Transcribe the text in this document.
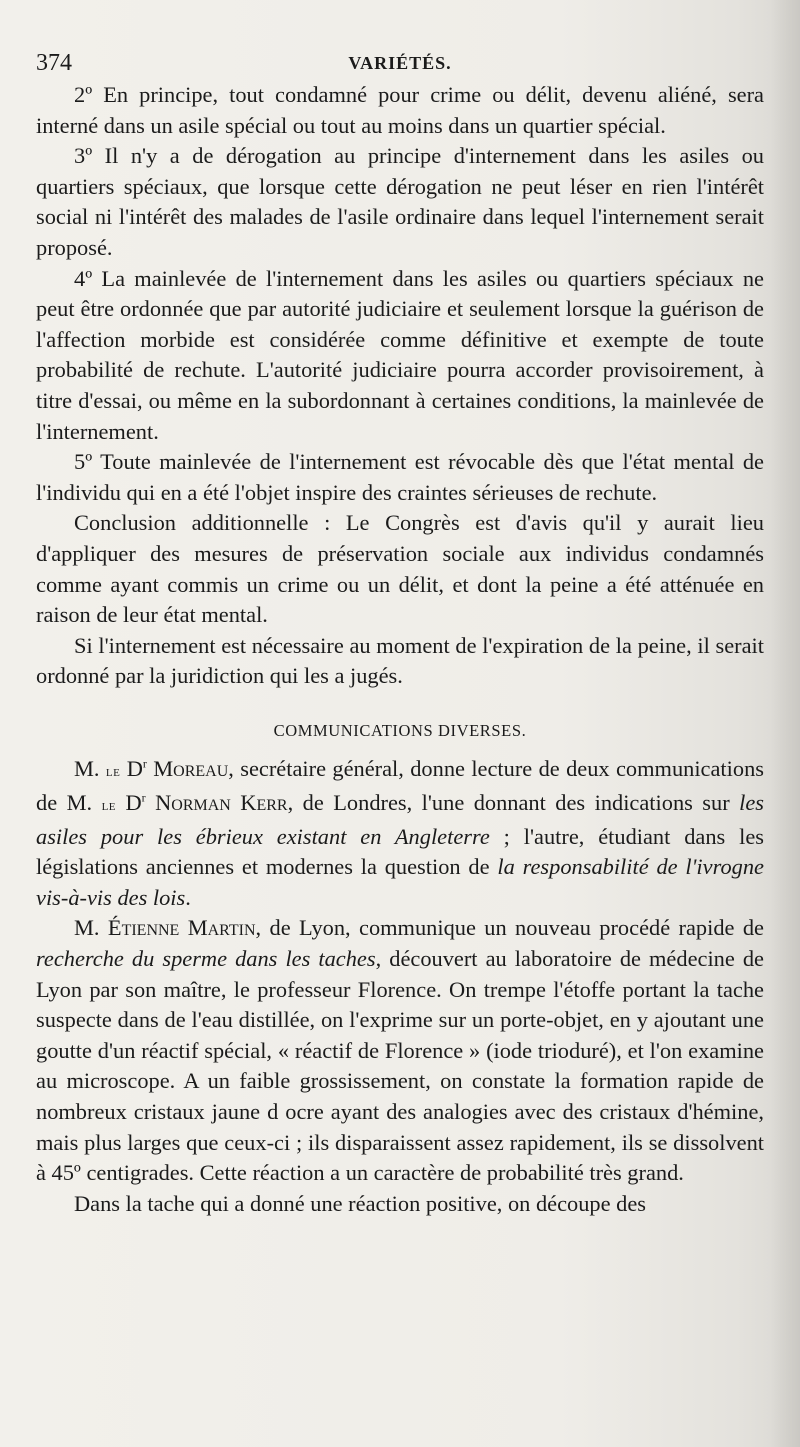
374	VARIÉTÉS.

2º En principe, tout condamné pour crime ou délit, devenu aliéné, sera interné dans un asile spécial ou tout au moins dans un quartier spécial.

3º Il n'y a de dérogation au principe d'internement dans les asiles ou quartiers spéciaux, que lorsque cette dérogation ne peut léser en rien l'intérêt social ni l'intérêt des malades de l'asile ordinaire dans lequel l'internement serait proposé.

4º La mainlevée de l'internement dans les asiles ou quartiers spéciaux ne peut être ordonnée que par autorité judiciaire et seulement lorsque la guérison de l'affection morbide est considérée comme définitive et exempte de toute probabilité de rechute. L'autorité judiciaire pourra accorder provisoirement, à titre d'essai, ou même en la subordonnant à certaines conditions, la mainlevée de l'internement.

5º Toute mainlevée de l'internement est révocable dès que l'état mental de l'individu qui en a été l'objet inspire des craintes sérieuses de rechute.

Conclusion additionnelle : Le Congrès est d'avis qu'il y aurait lieu d'appliquer des mesures de préservation sociale aux individus condamnés comme ayant commis un crime ou un délit, et dont la peine a été atténuée en raison de leur état mental.

Si l'internement est nécessaire au moment de l'expiration de la peine, il serait ordonné par la juridiction qui les a jugés.

COMMUNICATIONS DIVERSES.

M. le $D^r$ Moreau, secrétaire général, donne lecture de deux communications de M. le $D^r$ Norman Kerr, de Londres, l'une donnant des indications sur les asiles pour les ébrieux existant en Angleterre ; l'autre, étudiant dans les législations anciennes et modernes la question de la responsabilité de l'ivrogne vis-à-vis des lois.

M. Étienne Martin, de Lyon, communique un nouveau procédé rapide de recherche du sperme dans les taches, découvert au laboratoire de médecine de Lyon par son maître, le professeur Florence. On trempe l'étoffe portant la tache suspecte dans de l'eau distillée, on l'exprime sur un porte-objet, en y ajoutant une goutte d'un réactif spécial, « réactif de Florence » (iode trioduré), et l'on examine au microscope. A un faible grossissement, on constate la formation rapide de nombreux cristaux jaune d ocre ayant des analogies avec des cristaux d'hémine, mais plus larges que ceux-ci ; ils disparaissent assez rapidement, ils se dissolvent à 45º centigrades. Cette réaction a un caractère de probabilité très grand.

Dans la tache qui a donné une réaction positive, on découpe des
